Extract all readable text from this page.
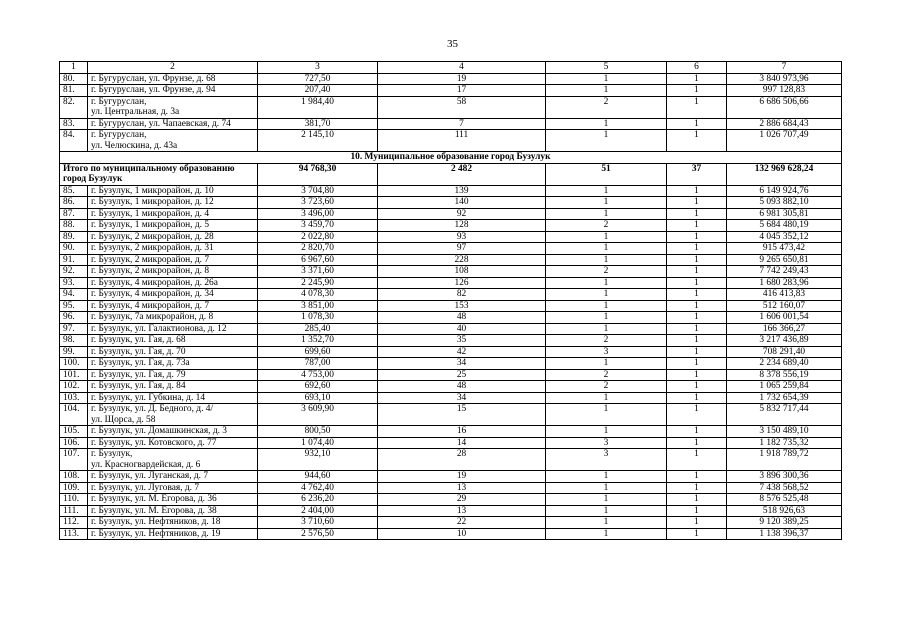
35
1	2	3	4	5	6	7
80.	г. Бугуруслан, ул. Фрунзе, д. 68	727,50	19	1	1	3 840 973,96
81.	г. Бугуруслан, ул. Фрунзе, д. 94	207,40	17	1	1	997 128,83
82.	г. Бугуруслан,
ул. Центральная, д. 3а	1 984,40	58	2	1	6 686 506,66
83.	г. Бугуруслан, ул. Чапаевская, д. 74	381,70	7	1	1	2 886 684,43
84.	г. Бугуруслан,
ул. Челюскина, д. 43а	2 145,10	111	1	1	1 026 707,49
10. Муниципальное образование город Бузулук						
Итого по муниципальному образованию
город Бузулук		94 768,30	2 482	51	37	132 969 628,24
85.	г. Бузулук, 1 микрорайон, д. 10	3 704,80	139	1	1	6 149 924,76
86.	г. Бузулук, 1 микрорайон, д. 12	3 723,60	140	1	1	5 093 882,10
87.	г. Бузулук, 1 микрорайон, д. 4	3 496,00	92	1	1	6 981 305,81
88.	г. Бузулук, 1 микрорайон, д. 5	3 459,70	128	2	1	5 684 480,19
89.	г. Бузулук, 2 микрорайон, д. 28	2 022,80	93	1	1	4 045 352,12
90.	г. Бузулук, 2 микрорайон, д. 31	2 820,70	97	1	1	915 473,42
91.	г. Бузулук, 2 микрорайон, д. 7	6 967,60	228	1	1	9 265 650,81
92.	г. Бузулук, 2 микрорайон, д. 8	3 371,60	108	2	1	7 742 249,43
93.	г. Бузулук, 4 микрорайон, д. 26а	2 245,90	126	1	1	1 680 283,96
94.	г. Бузулук, 4 микрорайон, д. 34	4 078,30	82	1	1	416 413,83
95.	г. Бузулук, 4 микрорайон, д. 7	3 851,00	153	1	1	512 160,07
96.	г. Бузулук, 7а микрорайон, д. 8	1 078,30	48	1	1	1 606 001,54
97.	г. Бузулук, ул. Галактионова, д. 12	285,40	40	1	1	166 366,27
98.	г. Бузулук, ул. Гая, д. 68	1 352,70	35	2	1	3 217 436,89
99.	г. Бузулук, ул. Гая, д. 70	699,60	42	3	1	708 291,40
100.	г. Бузулук, ул. Гая, д. 73а	787,00	34	1	1	2 234 689,40
101.	г. Бузулук, ул. Гая, д. 79	4 753,00	25	2	1	8 378 556,19
102.	г. Бузулук, ул. Гая, д. 84	692,60	48	2	1	1 065 259,84
103.	г. Бузулук, ул. Губкина, д. 14	693,10	34	1	1	1 732 654,39
104.	г. Бузулук, ул. Д. Бедного, д. 4/
ул. Щорса, д. 58	3 609,90	15	1	1	5 832 717,44
105.	г. Бузулук, ул. Домашкинская, д. 3	800,50	16	1	1	3 150 489,10
106.	г. Бузулук, ул. Котовского, д. 77	1 074,40	14	3	1	1 182 735,32
107.	г. Бузулук,
ул. Красногвардейская, д. 6	932,10	28	3	1	1 918 789,72
108.	г. Бузулук, ул. Луганская, д. 7	944,60	19	1	1	3 896 300,36
109.	г. Бузулук, ул. Луговая, д. 7	4 762,40	13	1	1	7 438 568,52
110.	г. Бузулук, ул. М. Егорова, д. 36	6 236,20	29	1	1	8 576 525,48
111.	г. Бузулук, ул. М. Егорова, д. 38	2 404,00	13	1	1	518 926,63
112.	г. Бузулук, ул. Нефтяников, д. 18	3 710,60	22	1	1	9 120 389,25
113.	г. Бузулук, ул. Нефтяников, д. 19	2 576,50	10	1	1	1 138 396,37
